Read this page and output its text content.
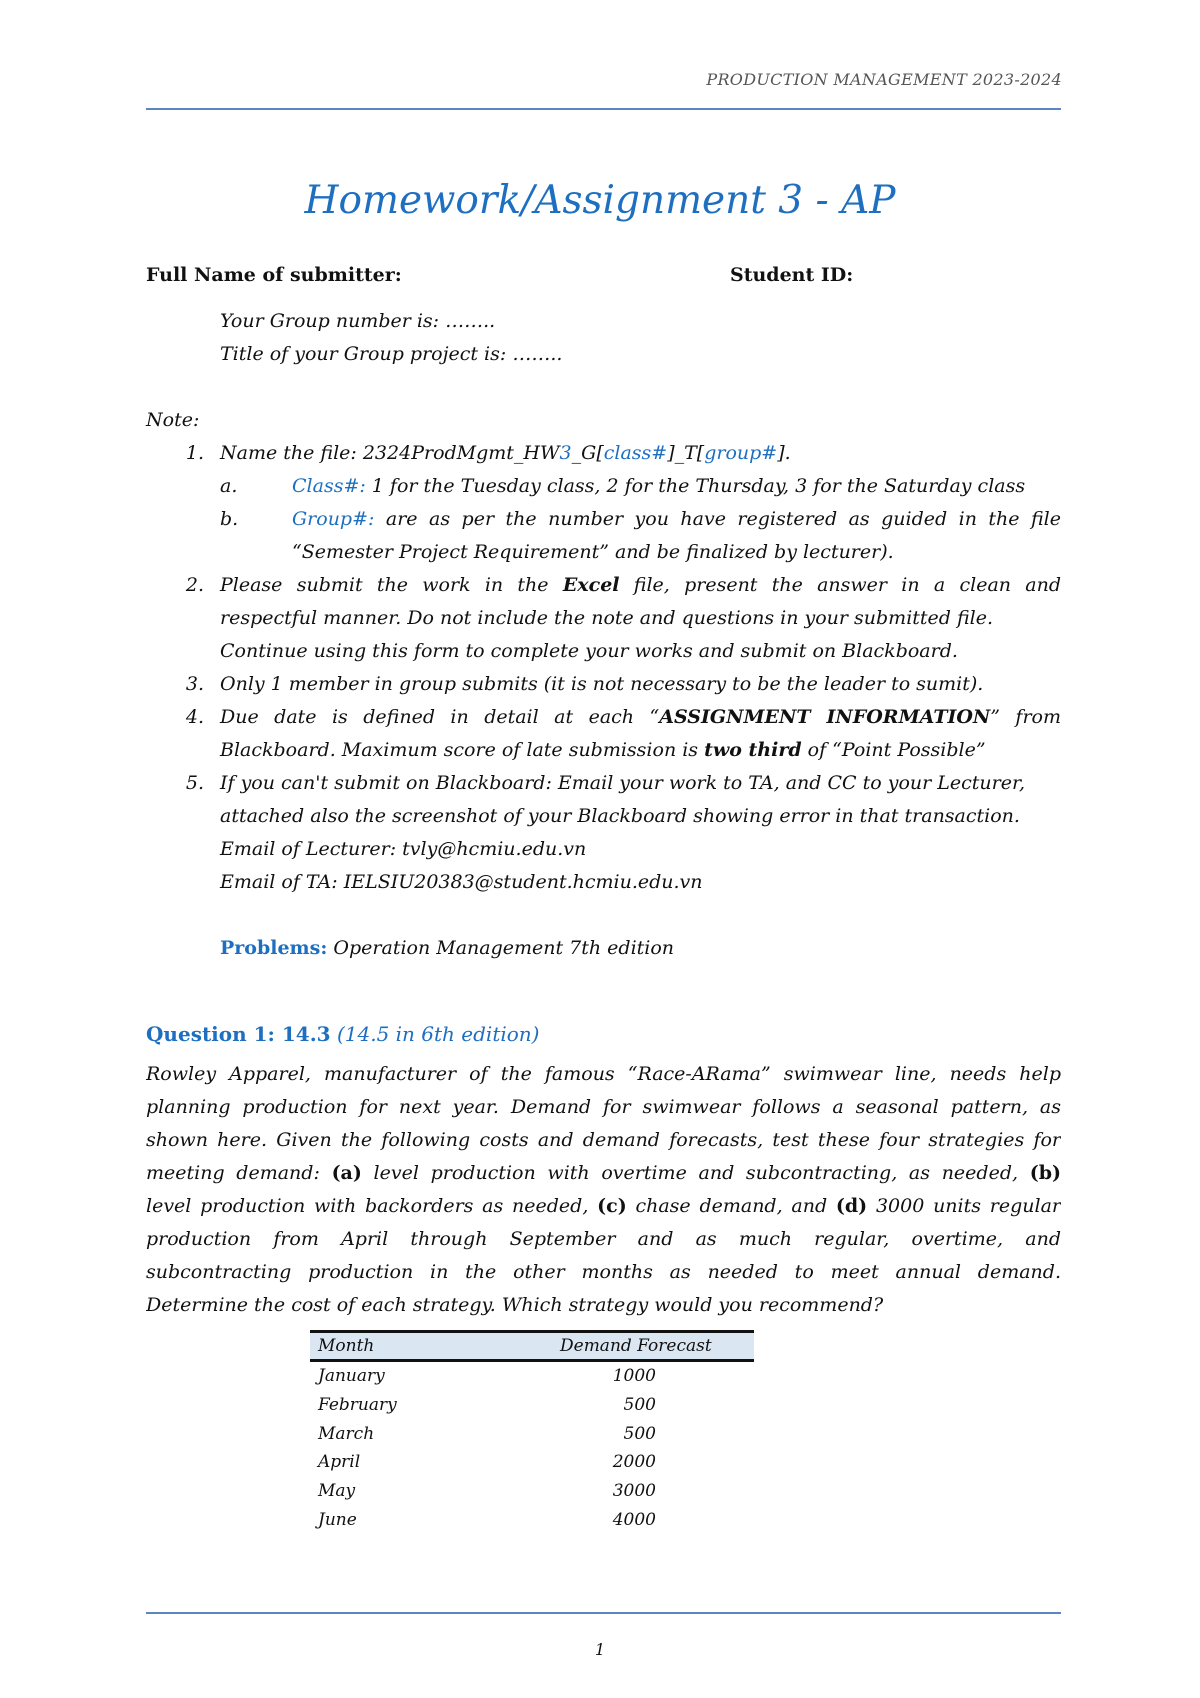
PRODUCTION MANAGEMENT 2023-2024
Homework/Assignment 3 - AP
Full Name of submitter:	Student ID:
Your Group number is: ……..
Title of your Group project is: ……..
Note:
1. Name the file: 2324ProdMgmt_HW3_G[class#]_T[group#].
a.	Class#: 1 for the Tuesday class, 2 for the Thursday, 3 for the Saturday class
b.	Group#: are as per the number you have registered as guided in the file
“Semester Project Requirement” and be finalized by lecturer).
2. Please submit the work in the Excel file, present the answer in a clean and
respectful manner. Do not include the note and questions in your submitted file.
Continue using this form to complete your works and submit on Blackboard.
3. Only 1 member in group submits (it is not necessary to be the leader to sumit).
4. Due date is defined in detail at each “ASSIGNMENT INFORMATION” from
Blackboard. Maximum score of late submission is two third of “Point Possible”
5. If you can't submit on Blackboard: Email your work to TA, and CC to your Lecturer,
attached also the screenshot of your Blackboard showing error in that transaction.
Email of Lecturer: tvly@hcmiu.edu.vn
Email of TA: IELSIU20383@student.hcmiu.edu.vn
Problems: Operation Management 7th edition
Question 1: 14.3 (14.5 in 6th edition)
Rowley Apparel, manufacturer of the famous “Race-ARama” swimwear line, needs help
planning production for next year. Demand for swimwear follows a seasonal pattern, as
shown here. Given the following costs and demand forecasts, test these four strategies for
meeting demand: (a) level production with overtime and subcontracting, as needed, (b)
level production with backorders as needed, (c) chase demand, and (d) 3000 units regular
production from April through September and as much regular, overtime, and
subcontracting production in the other months as needed to meet annual demand.
Determine the cost of each strategy. Which strategy would you recommend?
Month	Demand Forecast
January	1000
February	500
March	500
April	2000
May	3000
June	4000
1
